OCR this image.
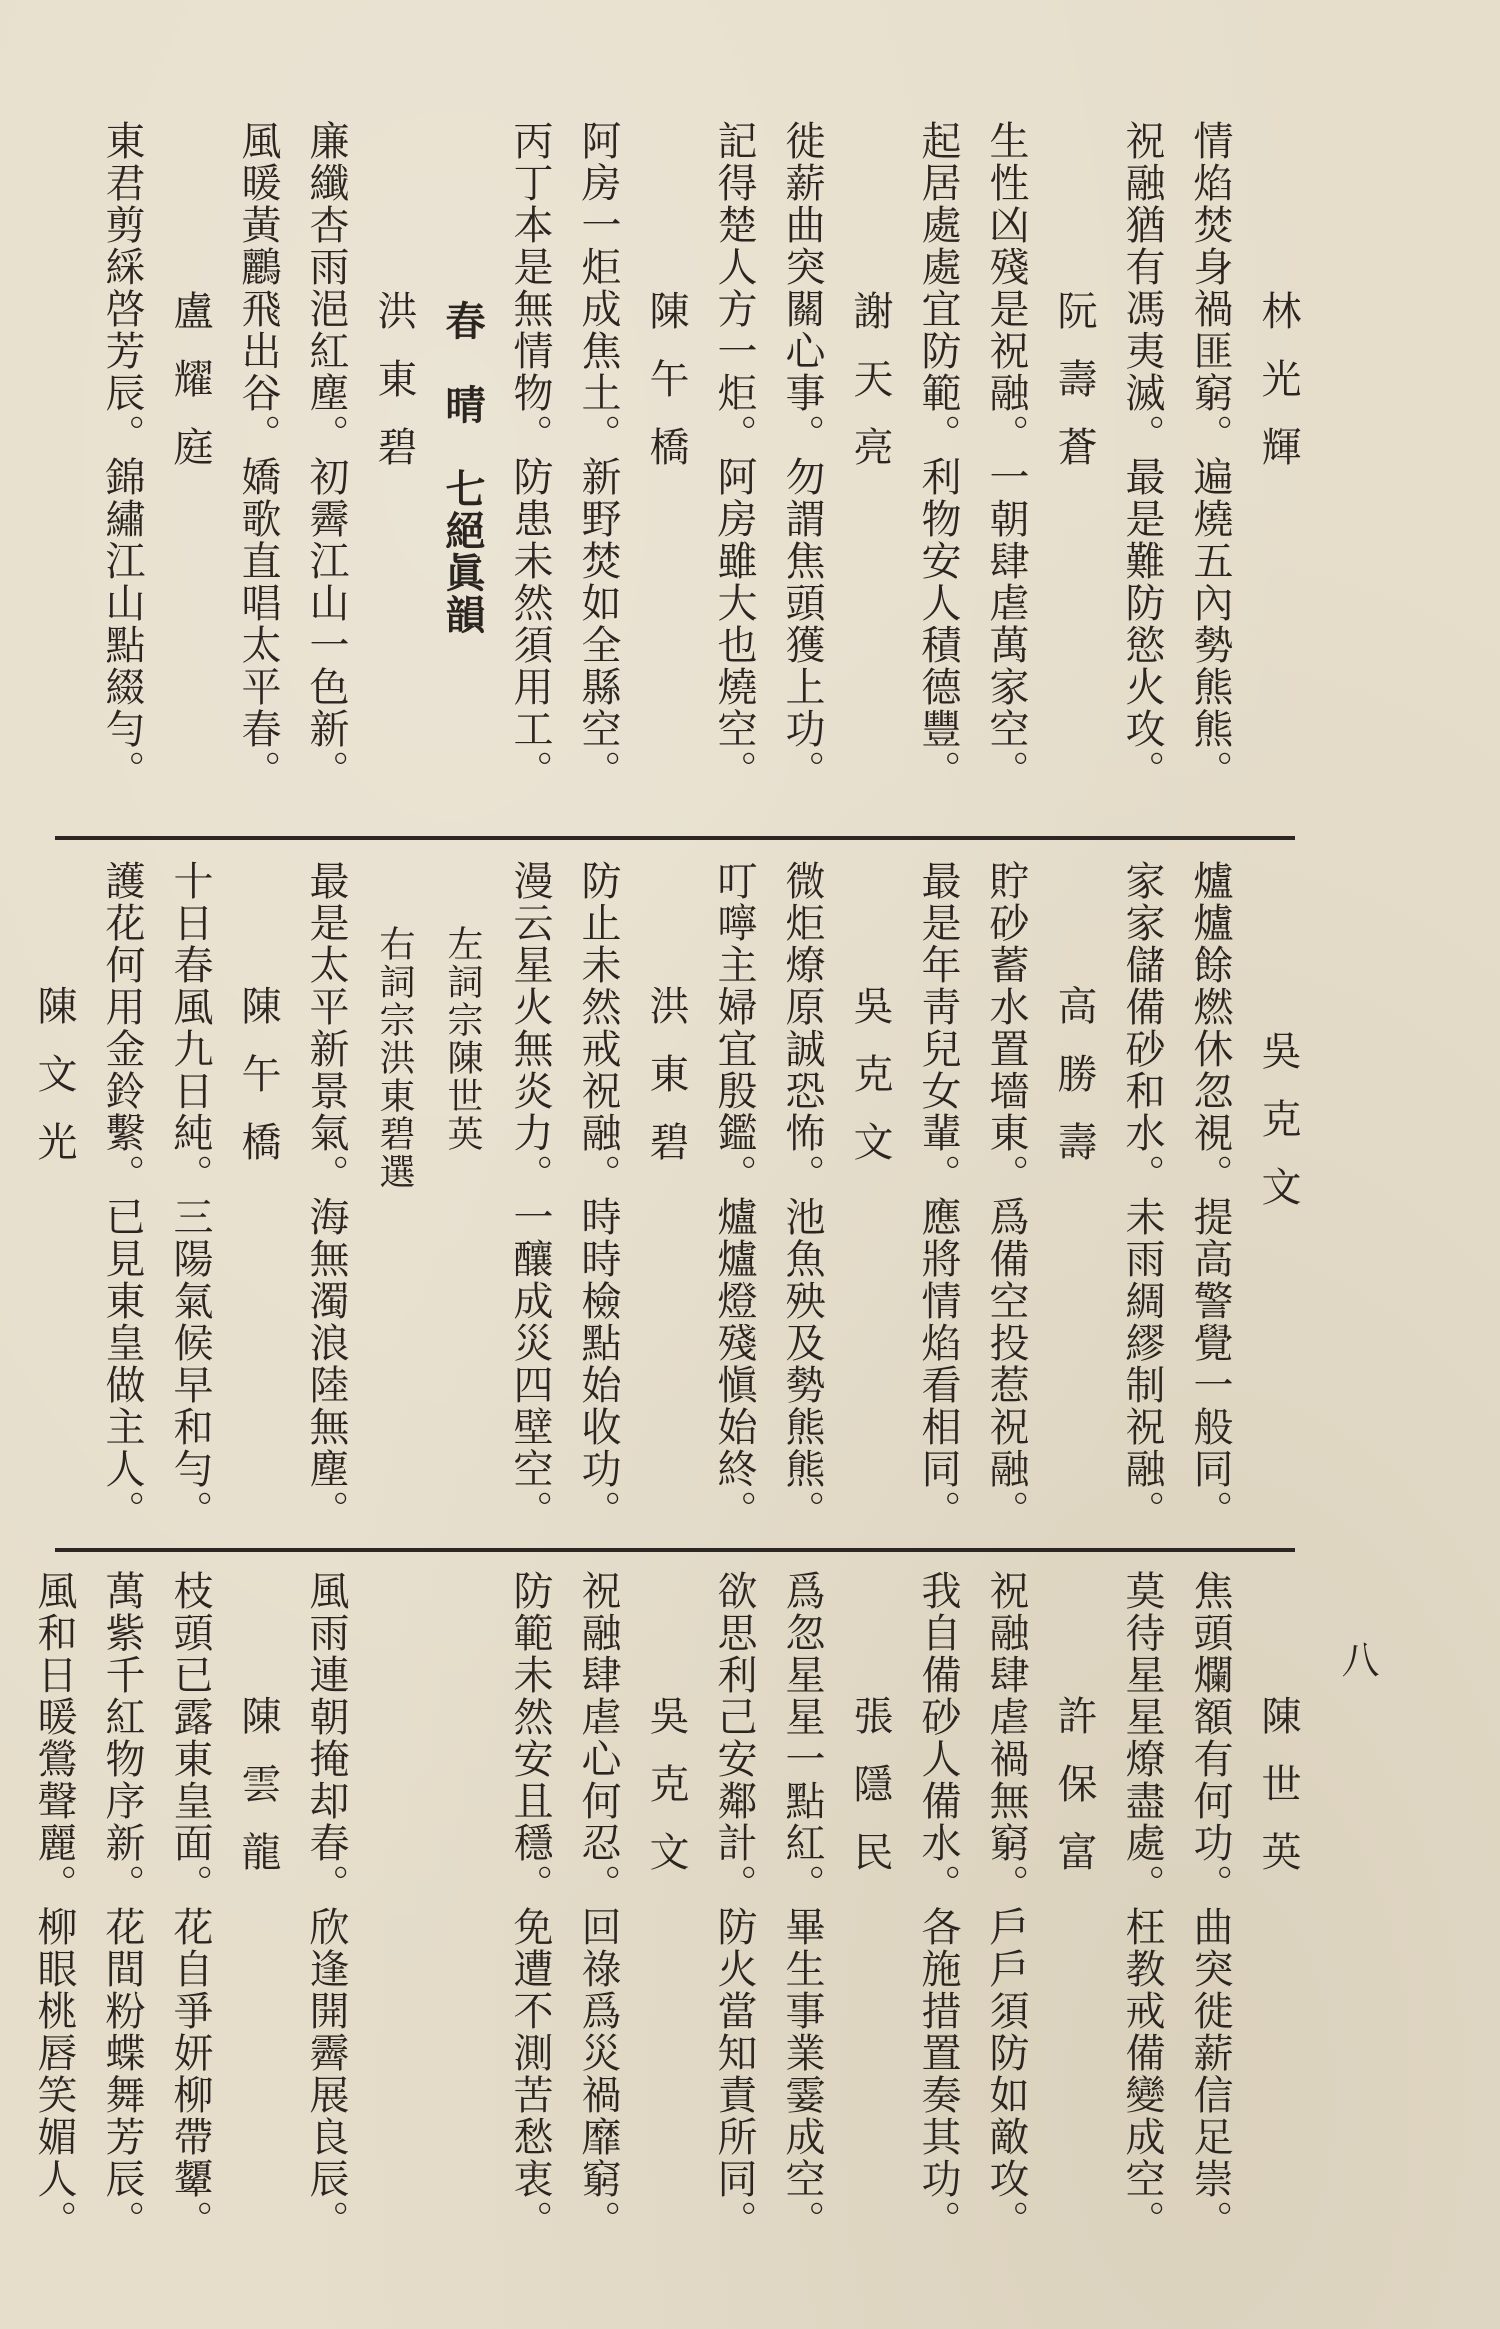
林光輝
情焰焚身禍匪窮。遍燒五內勢熊熊。
祝融猶有馮夷滅。最是難防慾火攻。
阮壽蒼
生性凶殘是祝融。一朝肆虐萬家空。
起居處處宜防範。利物安人積德豐。
謝天亮
徙薪曲突關心事。勿謂焦頭獲上功。
記得楚人方一炬。阿房雖大也燒空。
陳午橋
阿房一炬成焦土。新野焚如全縣空。
丙丁本是無情物。防患未然須用工。
春　晴　七絕眞韻
洪東碧
廉纖杏雨浥紅塵。初霽江山一色新。
風暖黃鸝飛出谷。嬌歌直唱太平春。
盧耀庭
東君剪綵啓芳辰。錦繡江山點綴勻。
吳克文
爐爐餘燃休忽視。提高警覺一般同。
家家儲備砂和水。未雨綢繆制祝融。
高勝壽
貯砂蓄水置墻東。爲備空投惹祝融。
最是年靑兒女輩。應將情焰看相同。
吳克文
微炬燎原誠恐怖。池魚殃及勢熊熊。
叮嚀主婦宜殷鑑。爐爐燈殘愼始終。
洪東碧
防止未然戒祝融。時時檢點始收功。
漫云星火無炎力。一釀成災四壁空。
左詞宗陳世英
右詞宗洪東碧選
最是太平新景氣。海無濁浪陸無塵。
陳午橋
十日春風九日純。三陽氣候早和勻。
護花何用金鈴繫。已見東皇做主人。
陳文光
陳世英
焦頭爛額有何功。曲突徙薪信足崇。
莫待星星燎盡處。枉教戒備變成空。
許保富
祝融肆虐禍無窮。戶戶須防如敵攻。
我自備砂人備水。各施措置奏其功。
張隱民
爲忽星星一點紅。畢生事業霎成空。
欲思利己安鄰計。防火當知責所同。
吳克文
祝融肆虐心何忍。回祿爲災禍靡窮。
防範未然安且穩。免遭不測苦愁衷。
風雨連朝掩却春。欣逢開霽展良辰。
陳雲龍
枝頭已露東皇面。花自爭妍柳帶顰。
萬紫千紅物序新。花間粉蝶舞芳辰。
風和日暖鶯聲麗。柳眼桃唇笑媚人。	八
